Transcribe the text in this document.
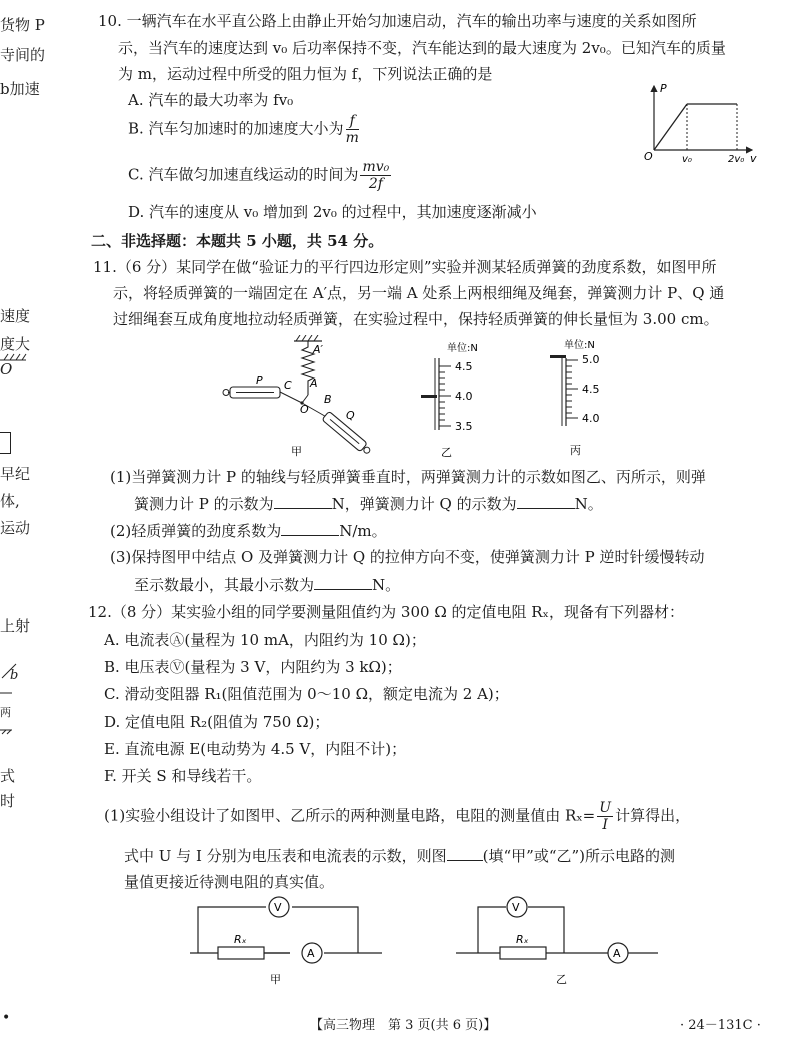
货物 P
寺间的
b加速
速度
度大
O
早纪
体,
运动
上射
b
两
式
时
•
10. 一辆汽车在水平直公路上由静止开始匀加速启动，汽车的输出功率与速度的关系如图所
示，当汽车的速度达到 v₀ 后功率保持不变，汽车能达到的最大速度为 2v₀。已知汽车的质量
为 m，运动过程中所受的阻力恒为 f，下列说法正确的是
A. 汽车的最大功率为 fv₀
B. 汽车匀加速时的加速度大小为 $\frac{f}{m}$
C. 汽车做匀加速直线运动的时间为 $\frac{\text{mv₀}}{2f}$
D. 汽车的速度从 v₀ 增加到 2v₀ 的过程中，其加速度逐渐减小
P
O	v₀	2v₀ v
二、非选择题：本题共 5 小题，共 54 分。
11.（6 分）某同学在做“验证力的平行四边形定则”实验并测某轻质弹簧的劲度系数，如图甲所
示，将轻质弹簧的一端固定在 A′点，另一端 A 处系上两根细绳及绳套，弹簧测力计 P、Q 通
过细绳套互成角度地拉动轻质弹簧，在实验过程中，保持轻质弹簧的伸长量恒为 3.00 cm。
A′
A
O
B
C
P
Q
甲
单位:N
4.5
4.0
3.5
乙
单位:N
5.0
4.5
4.0
丙
(1)当弹簧测力计 P 的轴线与轻质弹簧垂直时，两弹簧测力计的示数如图乙、丙所示，则弹
簧测力计 P 的示数为	N，弹簧测力计 Q 的示数为	N。
(2)轻质弹簧的劲度系数为	N/m。
(3)保持图甲中结点 O 及弹簧测力计 Q 的拉伸方向不变，使弹簧测力计 P 逆时针缓慢转动
至示数最小，其最小示数为	N。
12.（8 分）某实验小组的同学要测量阻值约为 300 Ω 的定值电阻 Rₓ，现备有下列器材：
A. 电流表Ⓐ(量程为 10 mA，内阻约为 10 Ω)；
B. 电压表Ⓥ(量程为 3 V，内阻约为 3 kΩ)；
C. 滑动变阻器 R₁(阻值范围为 0～10 Ω，额定电流为 2 A)；
D. 定值电阻 R₂(阻值为 750 Ω)；
E. 直流电源 E(电动势为 4.5 V，内阻不计)；
F. 开关 S 和导线若干。
(1)实验小组设计了如图甲、乙所示的两种测量电路，电阻的测量值由 $R_x= \frac{U}{I}$ 计算得出，
式中 U 与 I 分别为电压表和电流表的示数，则图 (填“甲”或“乙”)所示电路的测
量值更接近待测电阻的真实值。
V
Rₓ
A
甲
V
Rₓ
A
乙
【高三物理　第 3 页(共 6 页)】	· 24－131C ·
